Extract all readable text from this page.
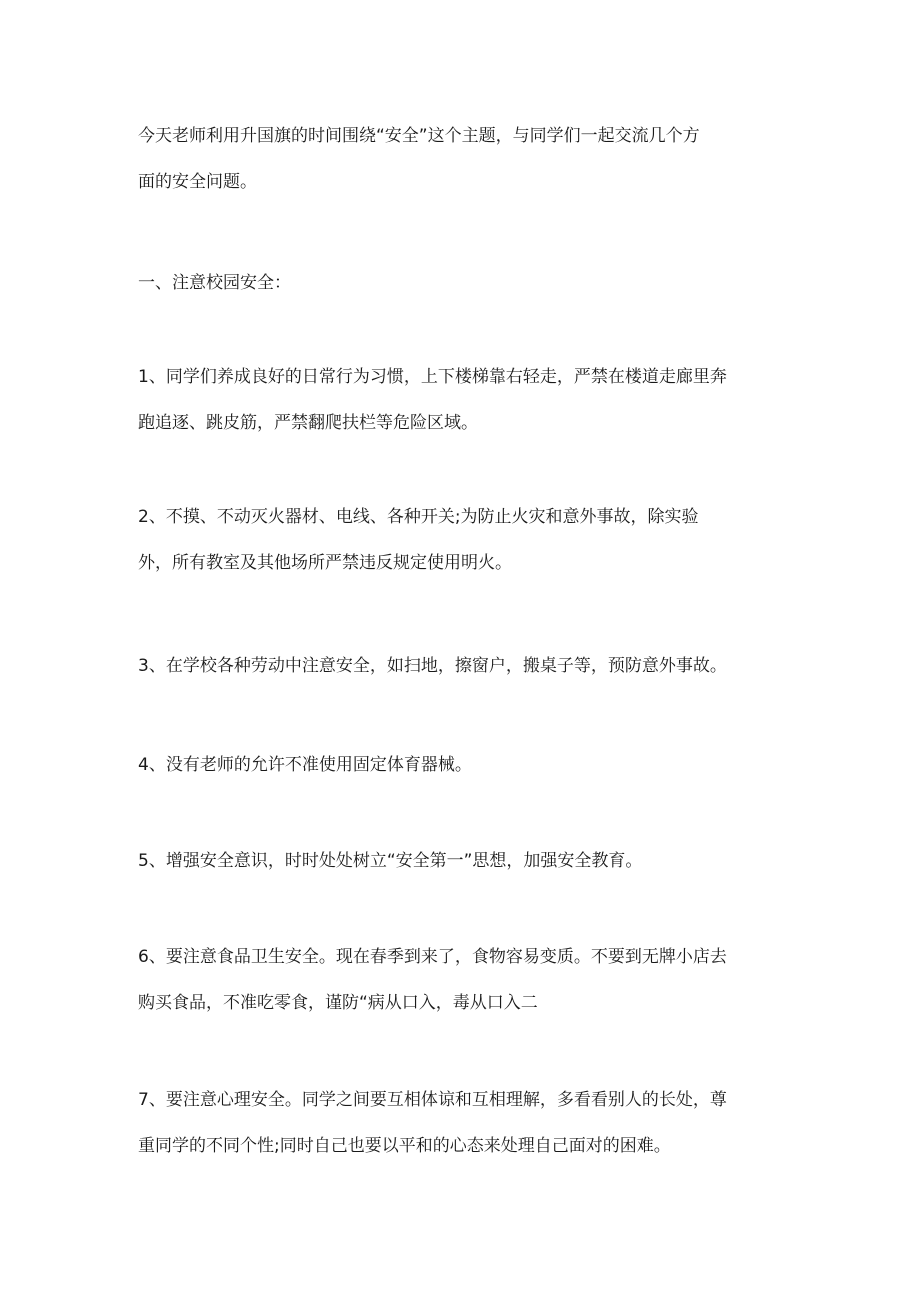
今天老师利用升国旗的时间围绕“安全”这个主题，与同学们一起交流几个方
面的安全问题。

一、注意校园安全：

1、同学们养成良好的日常行为习惯，上下楼梯靠右轻走，严禁在楼道走廊里奔
跑追逐、跳皮筋，严禁翻爬扶栏等危险区域。

2、不摸、不动灭火器材、电线、各种开关;为防止火灾和意外事故，除实验
外，所有教室及其他场所严禁违反规定使用明火。

3、在学校各种劳动中注意安全，如扫地，擦窗户，搬桌子等，预防意外事故。

4、没有老师的允许不准使用固定体育器械。

5、增强安全意识，时时处处树立“安全第一”思想，加强安全教育。

6、要注意食品卫生安全。现在春季到来了，食物容易变质。不要到无牌小店去
购买食品，不准吃零食，谨防“病从口入，毒从口入二

7、要注意心理安全。同学之间要互相体谅和互相理解，多看看别人的长处，尊
重同学的不同个性;同时自己也要以平和的心态来处理自己面对的困难。
